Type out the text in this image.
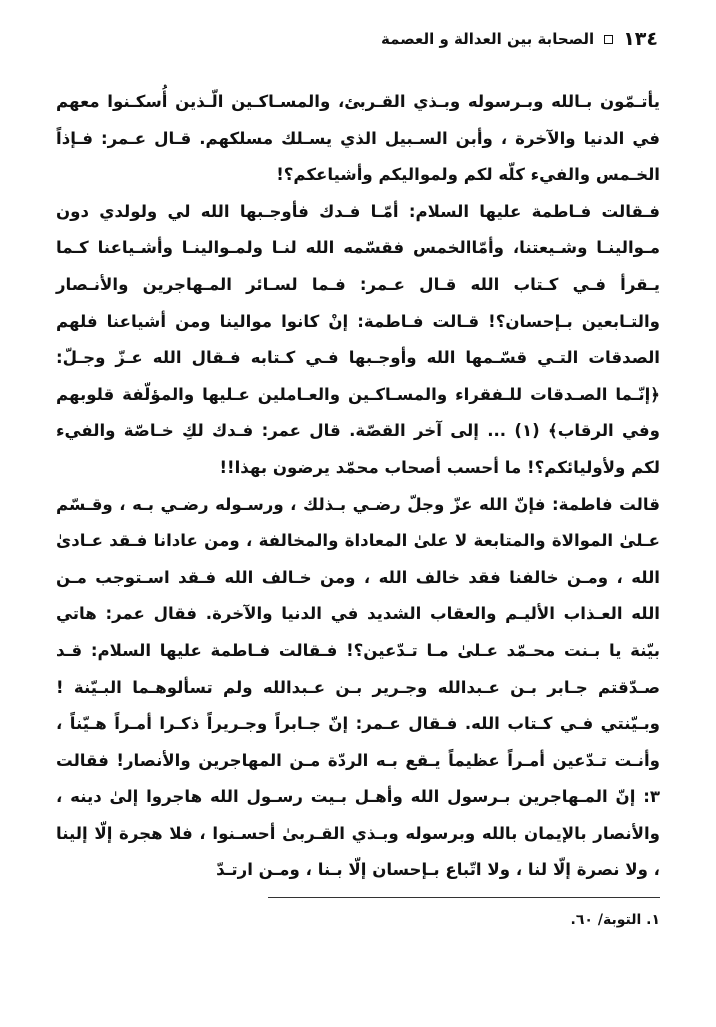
١٣٤
الصحابة بين العدالة و العصمة

يأتـمّون بـالله وبـرسوله وبـذي القـربئ، والمسـاكـين الّـذين أُسكـنوا معهم في الدنيا والآخرة ، وأبن السـبيل الذي يسـلك مسلكهم. قـال عـمر: فـإذاً الخـمس والفيء كلّه لكم ولمواليكم وأشياعكم؟!

فـقالت فـاطمة عليها السلام: أمّـا فـدك فأوجـبها الله لي ولولدي دون مـوالينـا وشـيعتنا، وأمّاالخمس فقسّمه الله لنـا ولمـوالينـا وأشـياعنا كـما يـقرأ فـي كـتاب الله قـال عـمر: فـما لسـائر المـهاجرين والأنـصار والتـابعين بـإحسان؟! قـالت فـاطمة: إنْ كانوا موالينا ومن أشياعنا فلهم الصدقات التـي قسّـمها الله وأوجـبها فـي كـتابه فـقال الله عـزّ وجـلّ: ﴿إنّـما الصـدقات للـفقراء والمسـاكـين والعـاملين عـليها والمؤلّفة قلوبهم وفي الرقاب﴾ (١) ... إلى آخر القصّة. قال عمر: فـدك لكِ خـاصّة والفيء لكم ولأوليائكم؟! ما أحسب أصحاب محمّد يرضون بهذا!!

قالت فاطمة: فإنّ الله عزّ وجلّ رضـي بـذلك ، ورسـوله رضـي بـه ، وقـسّم عـلىٰ الموالاة والمتابعة لا علىٰ المعاداة والمخالفة ، ومن عادانا فـقد عـادىٰ الله ، ومـن خالفنا فقد خالف الله ، ومن خـالف الله فـقد اسـتوجب مـن الله العـذاب الأليـم والعقاب الشديد في الدنيا والآخرة. فقال عمر: هاتي بيّنة يا بـنت محـمّد عـلىٰ مـا تـدّعين؟! فـقالت فـاطمة عليها السلام: قـد صـدّقتم جـابر بـن عـبدالله وجـرير بـن عـبدالله ولم تسألوهـما البـيّنة ! وبـيّنتي فـي كـتاب الله. فـقال عـمر: إنّ جـابراً وجـريراً ذكـرا أمـراً هـيّناً ، وأنـت تـدّعين أمـراً عظيماً يـقع بـه الردّة مـن المهاجرين والأنصار! فقالت ٣: إنّ المـهاجرين بـرسول الله وأهـل بـيت رسـول الله هاجروا إلىٰ دينه ، والأنصار بالإيمان بالله وبرسوله وبـذي القـربىٰ أحسـنوا ، فلا هجرة إلّا إلينا ، ولا نصرة إلّا لنا ، ولا اتّباع بـإحسان إلّا بـنا ، ومـن ارتـدّ

١. التوبة/ ٦٠.
